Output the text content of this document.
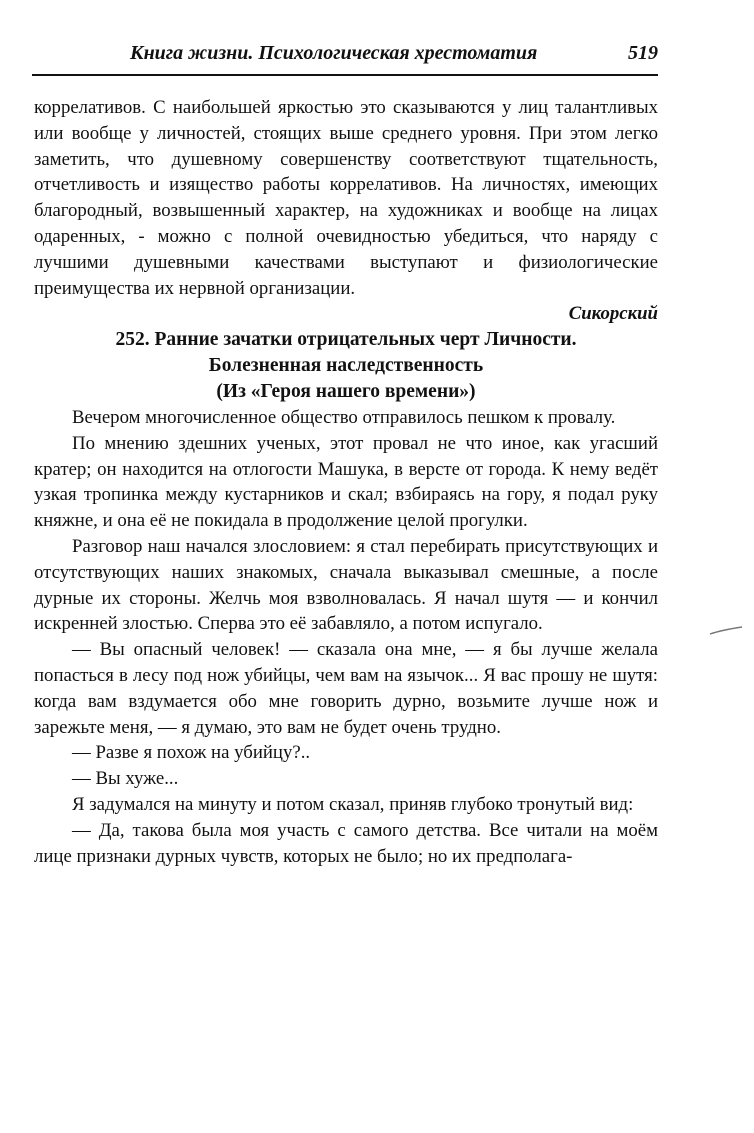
Книга жизни. Психологическая хрестоматия	519

коррелативов. С наибольшей яркостью это сказываются у лиц талантливых или вообще у личностей, стоящих выше среднего уровня. При этом легко заметить, что душевному совершенству соответствуют тщательность, отчетливость и изящество работы коррелативов. На личностях, имеющих благородный, возвышенный характер, на художниках и вообще на лицах одаренных, - можно с полной очевидностью убедиться, что наряду с лучшими душевными качествами выступают и физиологические преимущества их нервной организации.

Сикорский

252. Ранние зачатки отрицательных черт Личности.
Болезненная наследственность

(Из «Героя нашего времени»)

Вечером многочисленное общество отправилось пешком к провалу.

По мнению здешних ученых, этот провал не что иное, как угасший кратер; он находится на отлогости Машука, в версте от города. К нему ведёт узкая тропинка между кустарников и скал; взбираясь на гору, я подал руку княжне, и она её не покидала в продолжение целой прогулки.

Разговор наш начался злословием: я стал перебирать присутствующих и отсутствующих наших знакомых, сначала выказывал смешные, а после дурные их стороны. Желчь моя взволновалась. Я начал шутя — и кончил искренней злостью. Сперва это её забавляло, а потом испугало.

— Вы опасный человек! — сказала она мне, — я бы лучше желала попасться в лесу под нож убийцы, чем вам на язычок... Я вас прошу не шутя: когда вам вздумается обо мне говорить дурно, возьмите лучше нож и зарежьте меня, — я думаю, это вам не будет очень трудно.

— Разве я похож на убийцу?..

— Вы хуже...

Я задумался на минуту и потом сказал, приняв глубоко тронутый вид:

— Да, такова была моя участь с самого детства. Все читали на моём лице признаки дурных чувств, которых не было; но их предполага-
